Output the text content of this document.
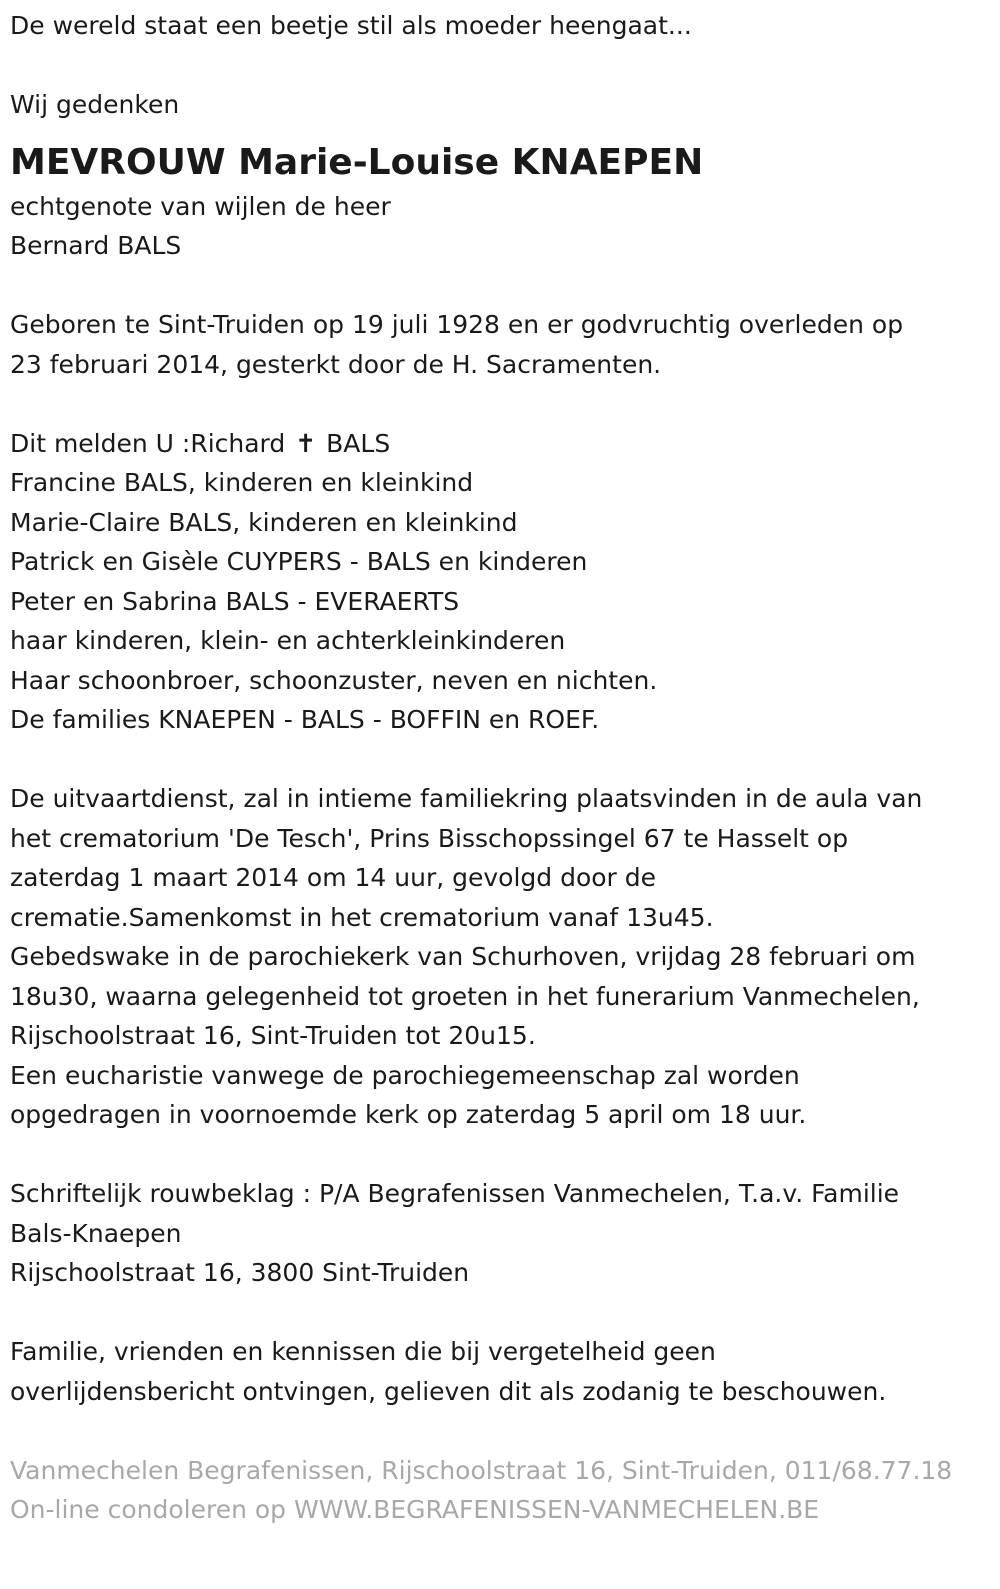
De wereld staat een beetje stil als moeder heengaat...

Wij gedenken

MEVROUW Marie-Louise KNAEPEN

echtgenote van wijlen de heer

Bernard BALS

Geboren te Sint-Truiden op 19 juli 1928 en er godvruchtig overleden op

23 februari 2014, gesterkt door de H. Sacramenten.

Dit melden U :Richard ✝ BALS

Francine BALS, kinderen en kleinkind

Marie-Claire BALS, kinderen en kleinkind

Patrick en Gisèle CUYPERS - BALS en kinderen

Peter en Sabrina BALS - EVERAERTS

haar kinderen, klein- en achterkleinkinderen

Haar schoonbroer, schoonzuster, neven en nichten.

De families KNAEPEN - BALS - BOFFIN en ROEF.

De uitvaartdienst, zal in intieme familiekring plaatsvinden in de aula van

het crematorium 'De Tesch', Prins Bisschopssingel 67 te Hasselt op

zaterdag 1 maart 2014 om 14 uur, gevolgd door de

crematie.Samenkomst in het crematorium vanaf 13u45.

Gebedswake in de parochiekerk van Schurhoven, vrijdag 28 februari om

18u30, waarna gelegenheid tot groeten in het funerarium Vanmechelen,

Rijschoolstraat 16, Sint-Truiden tot 20u15.

Een eucharistie vanwege de parochiegemeenschap zal worden

opgedragen in voornoemde kerk op zaterdag 5 april om 18 uur.

Schriftelijk rouwbeklag : P/A Begrafenissen Vanmechelen, T.a.v. Familie

Bals-Knaepen

Rijschoolstraat 16, 3800 Sint-Truiden

Familie, vrienden en kennissen die bij vergetelheid geen

overlijdensbericht ontvingen, gelieven dit als zodanig te beschouwen.

Vanmechelen Begrafenissen, Rijschoolstraat 16, Sint-Truiden, 011/68.77.18

On-line condoleren op WWW.BEGRAFENISSEN-VANMECHELEN.BE
